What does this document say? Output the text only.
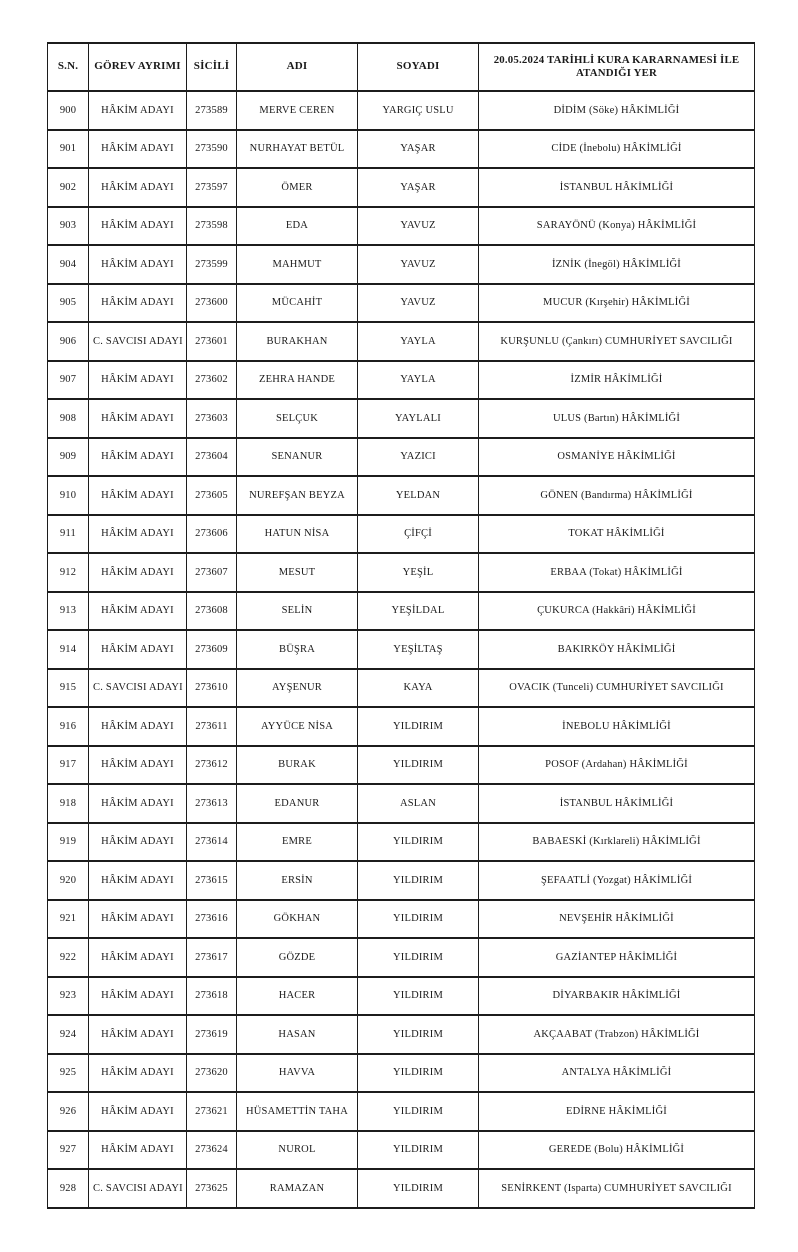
S.N.	GÖREV AYRIMI	SİCİLİ	ADI	SOYADI	20.05.2024 TARİHLİ KURA KARARNAMESİ İLE ATANDIĞI YER
900	HÂKİM ADAYI	273589	MERVE CEREN	YARGIÇ USLU	DİDİM (Söke) HÂKİMLİĞİ
901	HÂKİM ADAYI	273590	NURHAYAT BETÜL	YAŞAR	CİDE (İnebolu) HÂKİMLİĞİ
902	HÂKİM ADAYI	273597	ÖMER	YAŞAR	İSTANBUL HÂKİMLİĞİ
903	HÂKİM ADAYI	273598	EDA	YAVUZ	SARAYÖNÜ (Konya) HÂKİMLİĞİ
904	HÂKİM ADAYI	273599	MAHMUT	YAVUZ	İZNİK (İnegöl) HÂKİMLİĞİ
905	HÂKİM ADAYI	273600	MÜCAHİT	YAVUZ	MUCUR (Kırşehir) HÂKİMLİĞİ
906	C. SAVCISI ADAYI	273601	BURAKHAN	YAYLA	KURŞUNLU (Çankırı) CUMHURİYET SAVCILIĞI
907	HÂKİM ADAYI	273602	ZEHRA HANDE	YAYLA	İZMİR HÂKİMLİĞİ
908	HÂKİM ADAYI	273603	SELÇUK	YAYLALI	ULUS (Bartın) HÂKİMLİĞİ
909	HÂKİM ADAYI	273604	SENANUR	YAZICI	OSMANİYE HÂKİMLİĞİ
910	HÂKİM ADAYI	273605	NUREFŞAN BEYZA	YELDAN	GÖNEN (Bandırma) HÂKİMLİĞİ
911	HÂKİM ADAYI	273606	HATUN NİSA	ÇİFÇİ	TOKAT HÂKİMLİĞİ
912	HÂKİM ADAYI	273607	MESUT	YEŞİL	ERBAA (Tokat) HÂKİMLİĞİ
913	HÂKİM ADAYI	273608	SELİN	YEŞİLDAL	ÇUKURCA (Hakkâri) HÂKİMLİĞİ
914	HÂKİM ADAYI	273609	BÜŞRA	YEŞİLTAŞ	BAKIRKÖY HÂKİMLİĞİ
915	C. SAVCISI ADAYI	273610	AYŞENUR	KAYA	OVACIK (Tunceli) CUMHURİYET SAVCILIĞI
916	HÂKİM ADAYI	273611	AYYÜCE NİSA	YILDIRIM	İNEBOLU HÂKİMLİĞİ
917	HÂKİM ADAYI	273612	BURAK	YILDIRIM	POSOF (Ardahan) HÂKİMLİĞİ
918	HÂKİM ADAYI	273613	EDANUR	ASLAN	İSTANBUL HÂKİMLİĞİ
919	HÂKİM ADAYI	273614	EMRE	YILDIRIM	BABAESKİ (Kırklareli) HÂKİMLİĞİ
920	HÂKİM ADAYI	273615	ERSİN	YILDIRIM	ŞEFAATLİ (Yozgat) HÂKİMLİĞİ
921	HÂKİM ADAYI	273616	GÖKHAN	YILDIRIM	NEVŞEHİR HÂKİMLİĞİ
922	HÂKİM ADAYI	273617	GÖZDE	YILDIRIM	GAZİANTEP HÂKİMLİĞİ
923	HÂKİM ADAYI	273618	HACER	YILDIRIM	DİYARBAKIR HÂKİMLİĞİ
924	HÂKİM ADAYI	273619	HASAN	YILDIRIM	AKÇAABAT (Trabzon) HÂKİMLİĞİ
925	HÂKİM ADAYI	273620	HAVVA	YILDIRIM	ANTALYA HÂKİMLİĞİ
926	HÂKİM ADAYI	273621	HÜSAMETTİN TAHA	YILDIRIM	EDİRNE HÂKİMLİĞİ
927	HÂKİM ADAYI	273624	NUROL	YILDIRIM	GEREDE (Bolu) HÂKİMLİĞİ
928	C. SAVCISI ADAYI	273625	RAMAZAN	YILDIRIM	SENİRKENT (Isparta) CUMHURİYET SAVCILIĞI
